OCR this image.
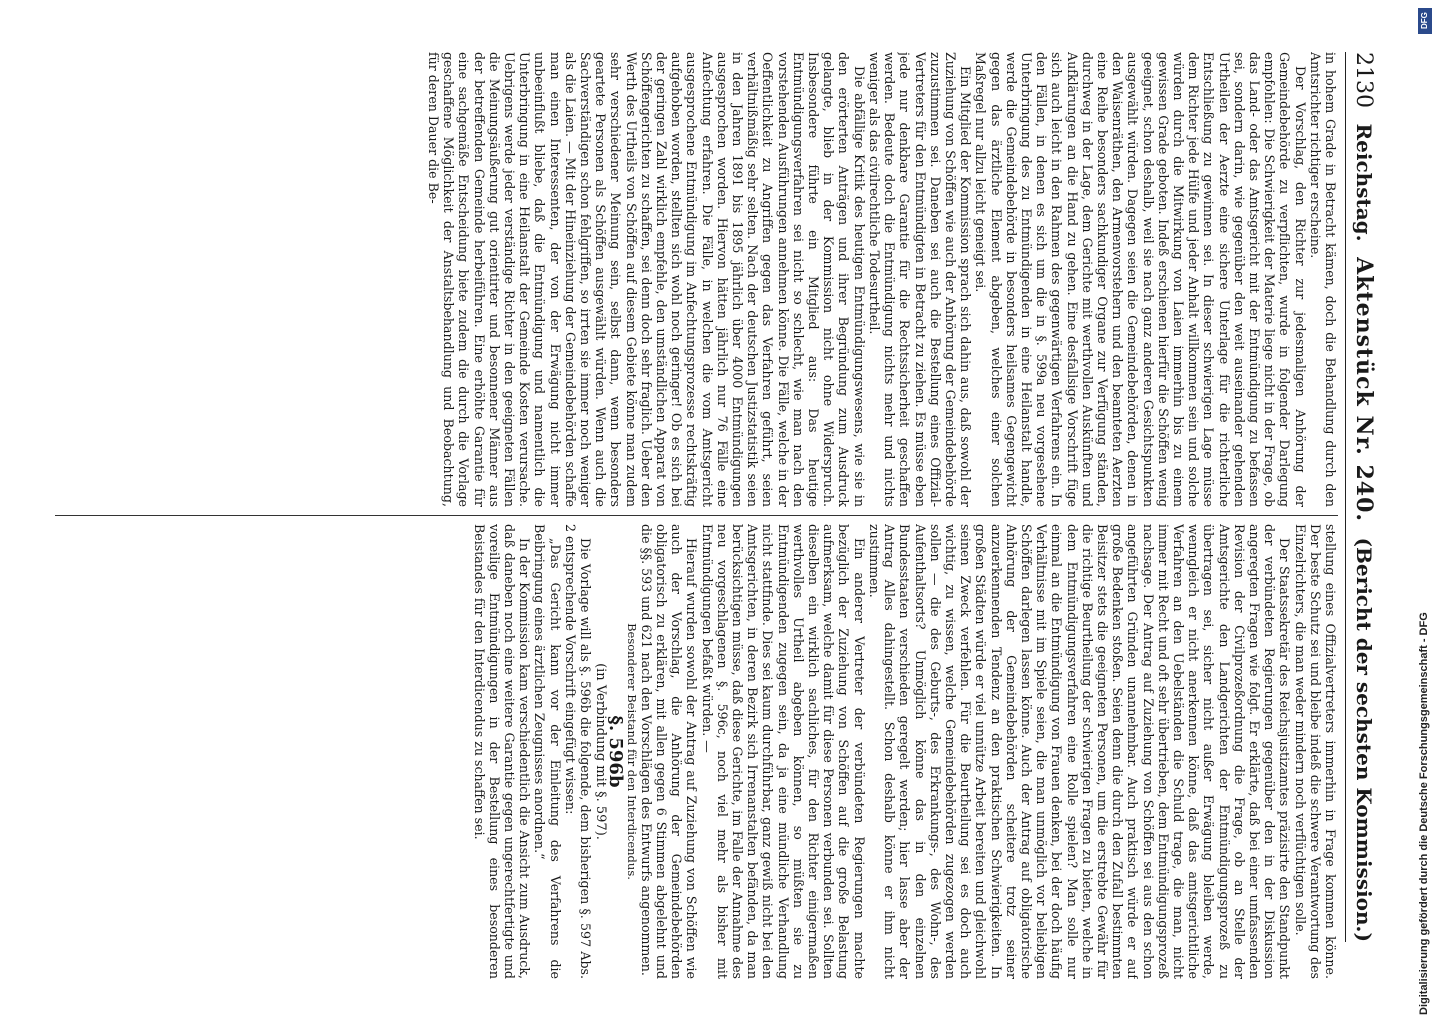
2130
Reichstag.
Aktenstück Nr. 240.
(Bericht der sechsten Kommission.)

in hohem Grade in Betracht kämen, doch die Behandlung durch den Amtsrichter richtiger erscheine.

Der Vorschlag, den Richter zur jedesmaligen Anhörung der Gemeindebehörde zu verpflichten, wurde in folgender Darlegung empfohlen: Die Schwierigkeit der Materie liege nicht in der Frage, ob das Land- oder das Amtsgericht mit der Entmündigung zu befassen sei, sondern darin, wie gegenüber den weit auseinander gehenden Urtheilen der Aerzte eine sichere Unterlage für die richterliche Entschließung zu gewinnen sei. In dieser schwierigen Lage müsse dem Richter jede Hülfe und jeder Anhalt willkommen sein und solche würden durch die Mitwirkung von Laien immerhin bis zu einem gewissen Grade geboten. Indeß erschienen hierfür die Schöffen wenig geeignet, schon deshalb, weil sie nach ganz anderen Gesichtspunkten ausgewählt würden. Dagegen seien die Gemeindebehörden, denen in den Waisenräthen, den Armenvorstehern und den beamteten Aerzten eine Reihe besonders sachkundiger Organe zur Verfügung ständen, durchweg in der Lage, dem Gerichte mit werthvollen Auskünften und Aufklärungen an die Hand zu gehen. Eine desfallsige Vorschrift füge sich auch leicht in den Rahmen des gegenwärtigen Verfahrens ein. In den Fällen, in denen es sich um die in §. 599a neu vorgesehene Unterbringung des zu Entmündigenden in eine Heilanstalt handle, werde die Gemeindebehörde in besonders heilsames Gegengewicht gegen das ärztliche Element abgeben, welches einer solchen Maßregel nur allzu leicht geneigt sei.

Ein Mitglied der Kommission sprach sich dahin aus, daß sowohl der Zuziehung von Schöffen wie auch der Anhörung der Gemeindebehörde zuzustimmen sei. Daneben sei auch die Bestellung eines Offizial-Vertreters für den Entmündigten in Betracht zu ziehen. Es müsse eben jede nur denkbare Garantie für die Rechtssicherheit geschaffen werden. Bedeute doch die Entmündigung nichts mehr und nichts weniger als das civilrechtliche Todesurtheil.

Die abfällige Kritik des heutigen Entmündigungswesens, wie sie in den erörterten Anträgen und ihrer Begründung zum Ausdruck gelangte, blieb in der Kommission nicht ohne Widerspruch. Insbesondere führte ein Mitglied aus: Das heutige Entmündigungsverfahren sei nicht so schlecht, wie man nach den vorstehenden Ausführungen annehmen könne. Die Fälle, welche in der Oeffentlichkeit zu Angriffen gegen das Verfahren geführt, seien verhältnißmäßig sehr selten. Nach der deutschen Justizstatistik seien in den Jahren 1891 bis 1895 jährlich über 4000 Entmündigungen ausgesprochen worden. Hiervon hätten jährlich nur 76 Fälle eine Anfechtung erfahren. Die Fälle, in welchen die vom Amtsgericht ausgesprochene Entmündigung im Anfechtungsprozesse rechtskräftig aufgehoben worden, stellten sich wohl noch geringer! Ob es sich bei der geringen Zahl wirklich empfehle, den umständlichen Apparat von Schöffengerichten zu schaffen, sei denn doch sehr fraglich. Ueber den Werth des Urtheils von Schöffen auf diesem Gebiete könne man zudem sehr verschiedener Meinung sein, selbst dann, wenn besonders geartete Personen als Schöffen ausgewählt würden. Wenn auch die Sachverständigen schon fehlgriffen, so irrten sie immer noch weniger als die Laien. — Mit der Hineinziehung der Gemeindebehörden schaffe man einen Interessenten, der von der Erwägung nicht immer unbeeinflußt bliebe, daß die Entmündigung und namentlich die Unterbringung in eine Heilanstalt der Gemeinde Kosten verursache. Uebrigens werde jeder verständige Richter in den geeigneten Fällen die Meinungsäußerung gut orientirter und besonnener Männer aus der betreffenden Gemeinde herbeiführen. Eine erhöhte Garantie für eine sachgemäße Entscheidung biete zudem die durch die Vorlage geschaffene Möglichkeit der Anstaltsbehandlung und Beobachtung, für deren Dauer die Be-

stellung eines Offizialvertreters immerhin in Frage kommen könne. Der beste Schutz sei und bleibe indeß die schwere Verantwortung des Einzelrichters, die man weder mindern noch verflüchtigen solle.

Der Staatssekretär des Reichsjustizamtes präzisirte den Standpunkt der verbündeten Regierungen gegenüber den in der Diskussion angeregten Fragen wie folgt. Er erklärte, daß bei einer umfassenden Revision der Civilprozeßordnung die Frage, ob an Stelle der Amtsgerichte den Landgerichten der Entmündigungsprozeß zu übertragen sei, sicher nicht außer Erwägung bleiben werde, wenngleich er nicht anerkennen könne, daß das amtsgerichtliche Verfahren an den Uebelständen die Schuld trage, die man, nicht immer mit Recht und oft sehr übertrieben, dem Entmündigungsprozeß nachsage. Der Antrag auf Zuziehung von Schöffen sei aus den schon angeführten Gründen unannehmbar. Auch praktisch würde er auf große Bedenken stoßen. Seien denn die durch den Zufall bestimmten Beisitzer stets die geeigneten Personen, um die erstrebte Gewähr für die richtige Beurtheilung der schwierigen Fragen zu bieten, welche in dem Entmündigungsverfahren eine Rolle spielen? Man solle nur einmal an die Entmündigung von Frauen denken, bei der doch häufig Verhältnisse mit im Spiele seien, die man unmöglich vor beliebigen Schöffen darlegen lassen könne. Auch der Antrag auf obligatorische Anhörung der Gemeindebehörden scheitere trotz seiner anzuerkennenden Tendenz an den praktischen Schwierigkeiten. In großen Städten würde er viel unnütze Arbeit bereiten und gleichwohl seinen Zweck verfehlen. Für die Beurtheilung sei es doch auch wichtig, zu wissen, welche Gemeindebehörden zugezogen werden sollen — die des Geburts-, des Erkrankungs-, des Wohn-, des Aufenthaltsorts? Unmöglich könne das in den einzelnen Bundesstaaten verschieden geregelt werden; hier lasse aber der Antrag Alles dahingestellt. Schon deshalb könne er ihm nicht zustimmen.

Ein anderer Vertreter der verbündeten Regierungen machte bezüglich der Zuziehung von Schöffen auf die große Belastung aufmerksam, welche damit für diese Personen verbunden sei. Sollten dieselben ein wirklich sachliches, für den Richter einigermaßen werthvolles Urtheil abgeben können, so müßten sie zu Entmündigenden zugegen sein, da ja eine mündliche Verhandlung nicht stattfinde. Dies sei kaum durchführbar, ganz gewiß nicht bei den Amtsgerichten, in deren Bezirk sich Irrenanstalten befänden, da man berücksichtigen müsse, daß diese Gerichte, im Falle der Annahme des neu vorgeschlagenen §. 596c, noch viel mehr als bisher mit Entmündigungen befaßt würden. —

Hierauf wurden sowohl der Antrag auf Zuziehung von Schöffen wie auch der Vorschlag, die Anhörung der Gemeindebehörden obligatorisch zu erklären, mit allen gegen 6 Stimmen abgelehnt und die §§. 593 und 621 nach den Vorschlägen des Entwurfs angenommen.

Besonderer Beistand für den Interdicendus.

§. 596b

(in Verbindung mit §. 597).

Die Vorlage will als §. 596b die folgende, dem bisherigen §. 597 Abs. 2 entsprechende Vorschrift eingefügt wissen:

„Das Gericht kann vor der Einleitung des Verfahrens die Beibringung eines ärztlichen Zeugnisses anordnen.“

In der Kommission kam verschiedentlich die Ansicht zum Ausdruck, daß daneben noch eine weitere Garantie gegen ungerechtfertigte und voreilige Entmündigungen in der Bestellung eines besonderen Beistandes für den Interdicendus zu schaffen sei.

DFG
Digitalisierung gefördert durch die Deutsche Forschungsgemeinschaft - DFG
